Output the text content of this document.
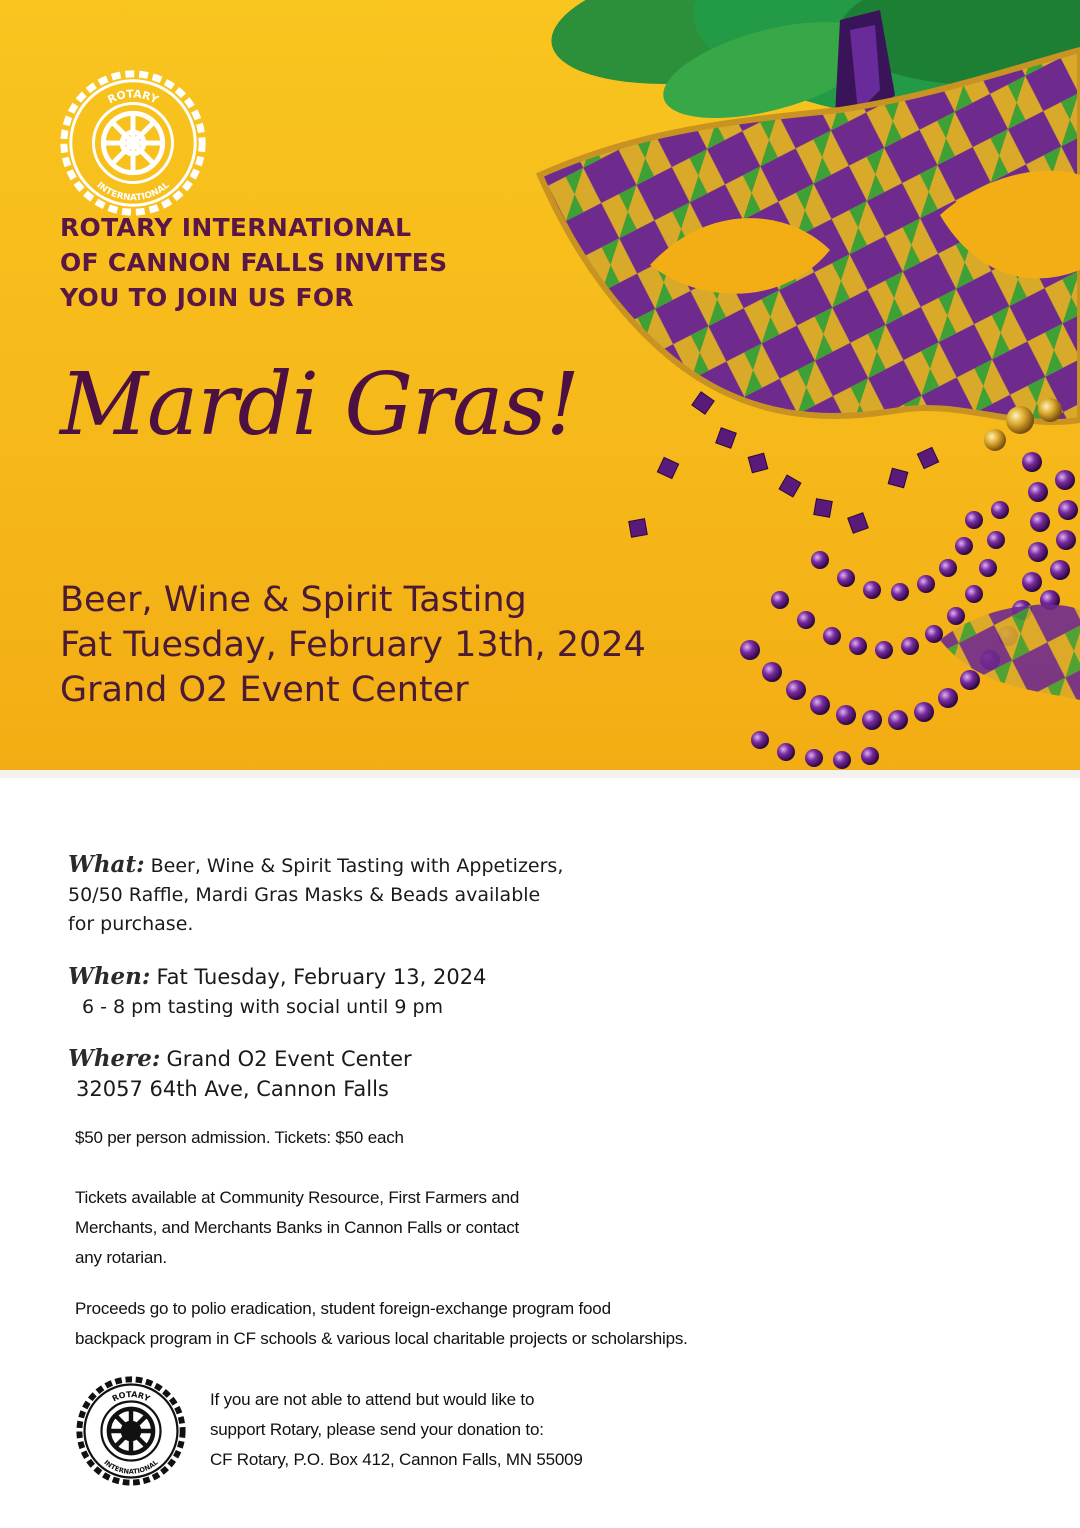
ROTARY
INTERNATIONAL
ROTARY INTERNATIONAL
OF CANNON FALLS INVITES
YOU TO JOIN US FOR
Mardi Gras!
Beer, Wine & Spirit Tasting
Fat Tuesday, February 13th, 2024
Grand O2 Event Center
What: Beer, Wine & Spirit Tasting with Appetizers,
50/50 Raffle, Mardi Gras Masks & Beads available
for purchase.
When: Fat Tuesday, February 13, 2024
6 - 8 pm tasting with social until 9 pm
Where: Grand O2 Event Center
32057 64th Ave, Cannon Falls
$50 per person admission. Tickets: $50 each
Tickets available at Community Resource, First Farmers and
Merchants, and Merchants Banks in Cannon Falls or contact
any rotarian.
Proceeds go to polio eradication, student foreign-exchange program food
backpack program in CF schools & various local charitable projects or scholarships.
ROTARY
INTERNATIONAL
If you are not able to attend but would like to
support Rotary, please send your donation to:
CF Rotary, P.O. Box 412, Cannon Falls, MN 55009
